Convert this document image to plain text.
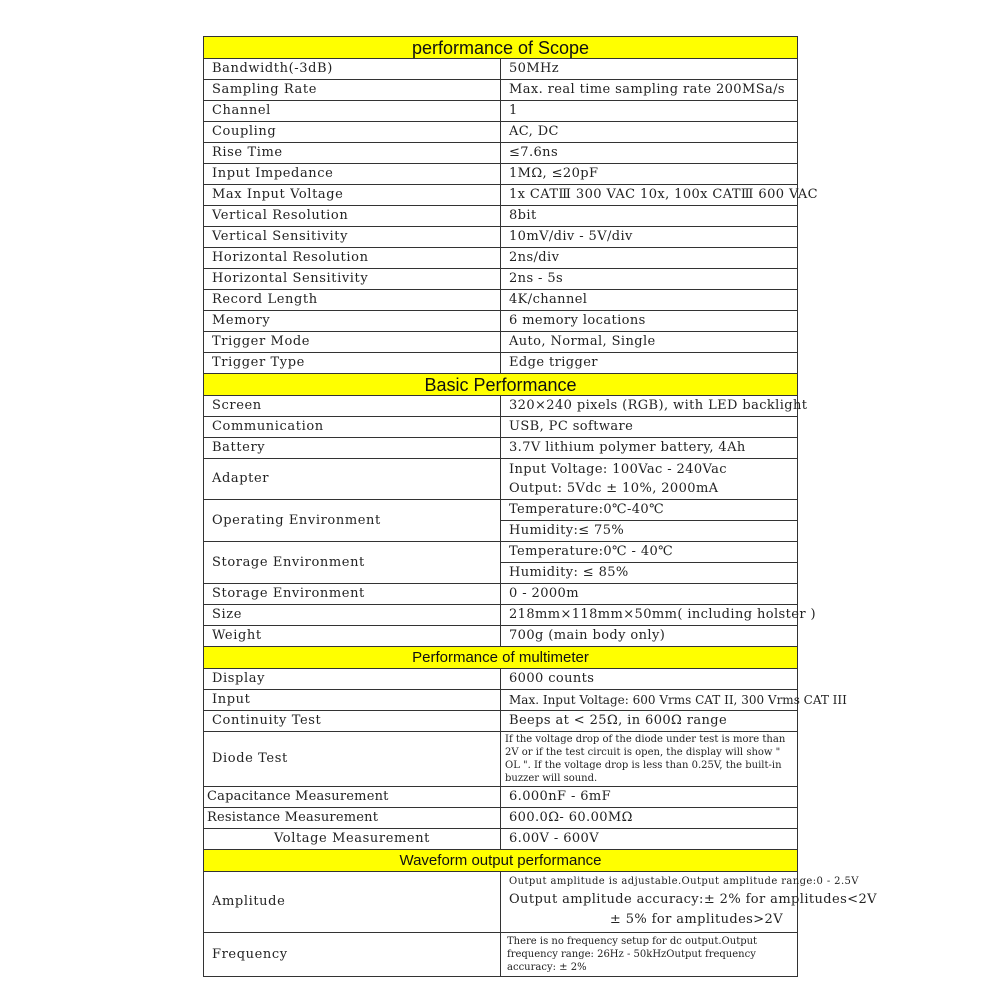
performance of Scope	
Bandwidth(-3dB)	50MHz
Sampling Rate	Max. real time sampling rate 200MSa/s
Channel	1
Coupling	AC, DC
Rise Time	≤7.6ns
Input Impedance	1MΩ, ≤20pF
Max Input Voltage	1x CATⅢ 300 VAC 10x, 100x CATⅢ 600 VAC
Vertical Resolution	8bit
Vertical Sensitivity	10mV/div - 5V/div
Horizontal Resolution	2ns/div
Horizontal Sensitivity	2ns - 5s
Record Length	4K/channel
Memory	6 memory locations
Trigger Mode	Auto, Normal, Single
Trigger Type	Edge trigger
Basic Performance	
Screen	320×240 pixels (RGB), with LED backlight
Communication	USB, PC software
Battery	3.7V lithium polymer battery, 4Ah
Adapter	Input Voltage: 100Vac - 240Vac
Output: 5Vdc ± 10%, 2000mA

Operating Environment	Temperature:0℃-40℃
	Humidity:≤ 75%
Storage Environment	Temperature:0℃ - 40℃
	Humidity: ≤ 85%
Storage Environment	0 - 2000m
Size	218mm×118mm×50mm( including holster )
Weight	700g (main body only)
Performance of multimeter	
Display	6000 counts
Input	Max. Input Voltage: 600 Vrms CAT II, 300 Vrms CAT III
Continuity Test	Beeps at < 25Ω, in 600Ω range
Diode Test	If the voltage drop of the diode under test is more than 2V or if the test circuit is open, the display will show " OL ". If the voltage drop is less than 0.25V, the built-in buzzer will sound.
Capacitance Measurement	6.000nF - 6mF
Resistance Measurement	600.0Ω- 60.00MΩ
Voltage Measurement	6.00V - 600V
Waveform output performance	
Amplitude	Output amplitude is adjustable.Output amplitude range:0 - 2.5V
Output amplitude accuracy:± 2% for amplitudes<2V
± 5% for amplitudes>2V

Frequency	There is no frequency setup for dc output.Output frequency range: 26Hz - 50kHzOutput frequency accuracy: ± 2%
